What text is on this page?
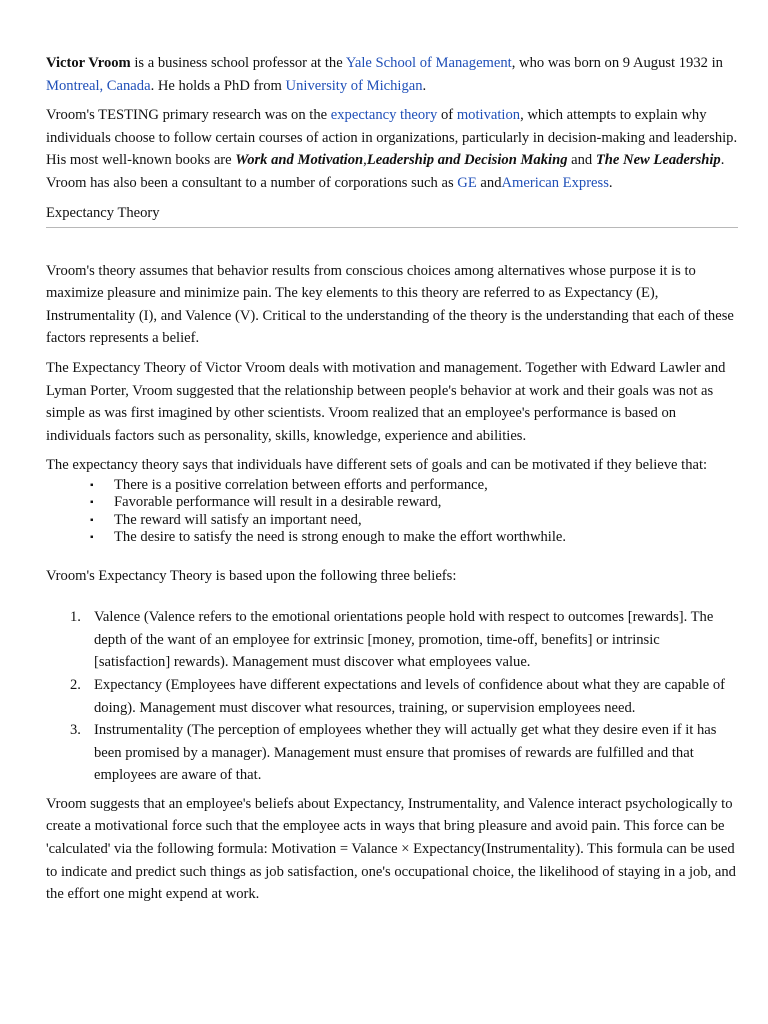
Victor Vroom is a business school professor at the Yale School of Management, who was born on 9 August 1932 in Montreal, Canada. He holds a PhD from University of Michigan.

Vroom's TESTING primary research was on the expectancy theory of motivation, which attempts to explain why individuals choose to follow certain courses of action in organizations, particularly in decision-making and leadership. His most well-known books are Work and Motivation,Leadership and Decision Making and The New Leadership. Vroom has also been a consultant to a number of corporations such as GE andAmerican Express.

Expectancy Theory

Vroom's theory assumes that behavior results from conscious choices among alternatives whose purpose it is to maximize pleasure and minimize pain. The key elements to this theory are referred to as Expectancy (E), Instrumentality (I), and Valence (V). Critical to the understanding of the theory is the understanding that each of these factors represents a belief.

The Expectancy Theory of Victor Vroom deals with motivation and management. Together with Edward Lawler and Lyman Porter, Vroom suggested that the relationship between people's behavior at work and their goals was not as simple as was first imagined by other scientists. Vroom realized that an employee's performance is based on individuals factors such as personality, skills, knowledge, experience and abilities.

The expectancy theory says that individuals have different sets of goals and can be motivated if they believe that:

▪ There is a positive correlation between efforts and performance,
▪ Favorable performance will result in a desirable reward,
▪ The reward will satisfy an important need,
▪ The desire to satisfy the need is strong enough to make the effort worthwhile.

Vroom's Expectancy Theory is based upon the following three beliefs:

1. Valence (Valence refers to the emotional orientations people hold with respect to outcomes [rewards]. The depth of the want of an employee for extrinsic [money, promotion, time-off, benefits] or intrinsic [satisfaction] rewards). Management must discover what employees value.
2. Expectancy (Employees have different expectations and levels of confidence about what they are capable of doing). Management must discover what resources, training, or supervision employees need.
3. Instrumentality (The perception of employees whether they will actually get what they desire even if it has been promised by a manager). Management must ensure that promises of rewards are fulfilled and that employees are aware of that.

Vroom suggests that an employee's beliefs about Expectancy, Instrumentality, and Valence interact psychologically to create a motivational force such that the employee acts in ways that bring pleasure and avoid pain. This force can be 'calculated' via the following formula: Motivation = Valance × Expectancy(Instrumentality). This formula can be used to indicate and predict such things as job satisfaction, one's occupational choice, the likelihood of staying in a job, and the effort one might expend at work.
